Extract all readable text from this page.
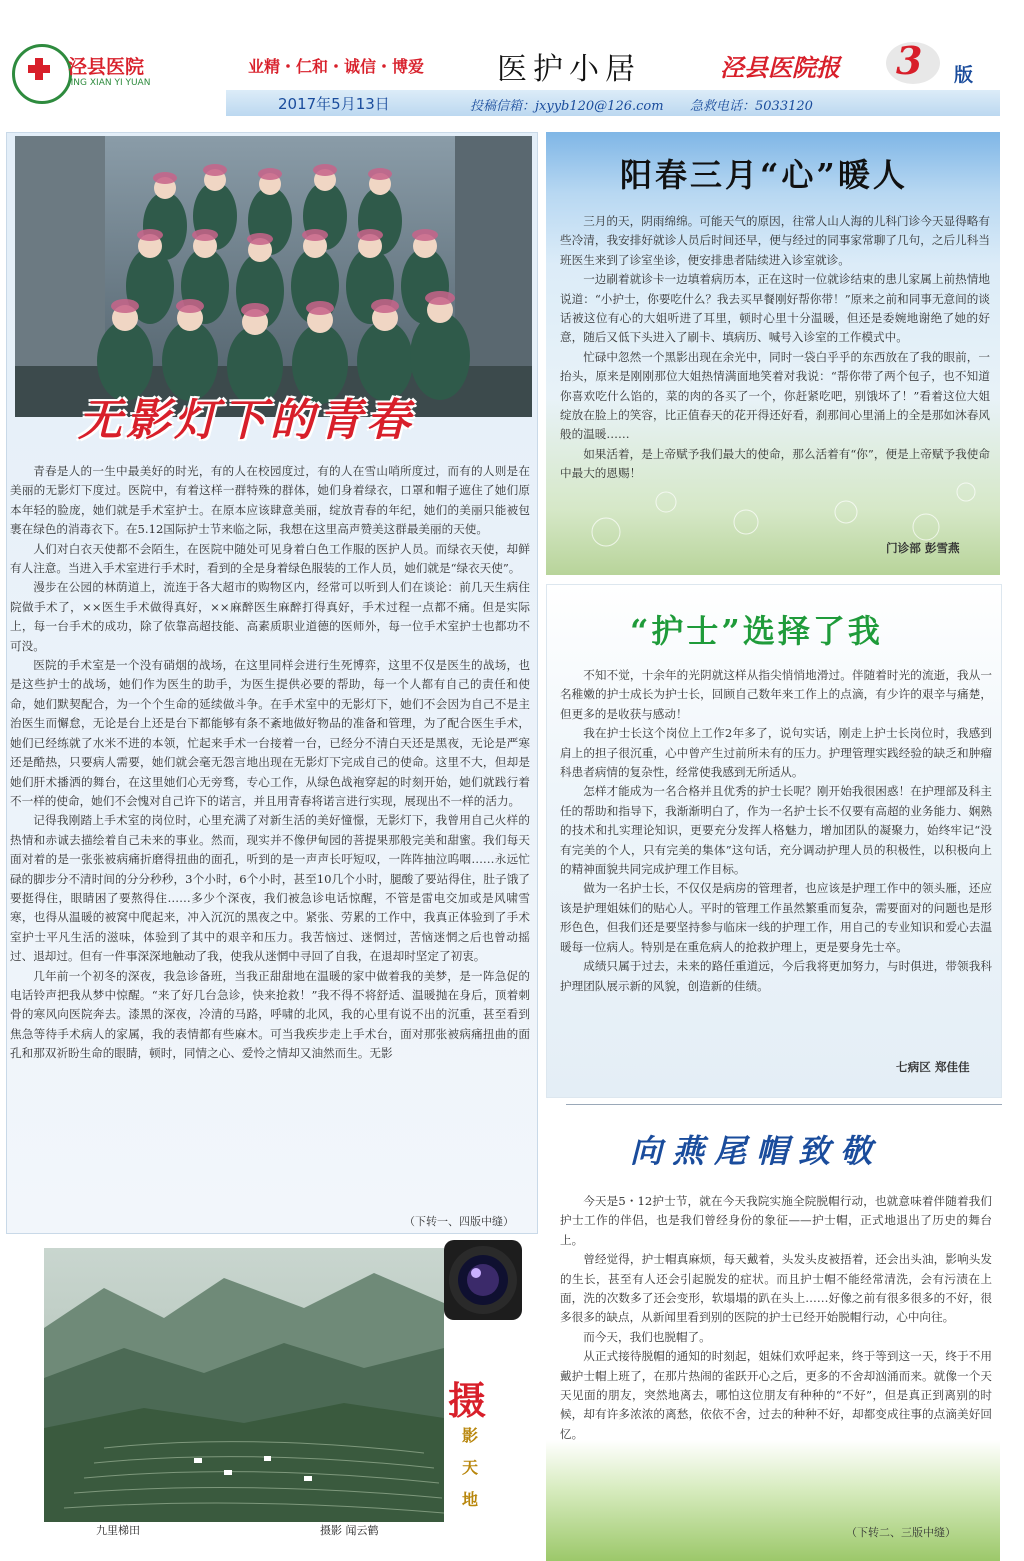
泾县医院
JING XIAN YI YUAN
业精・仁和・诚信・博爱 医护小居	泾县医院报 3 版
2017年5月13日	投稿信箱：jxyyb120@126.com 急救电话：5033120
无影灯下的青春

青春是人的一生中最美好的时光，有的人在校园度过，有的人在雪山哨所度过，而有的人则是在美丽的无影灯下度过。医院中，有着这样一群特殊的群体，她们身着绿衣，口罩和帽子遮住了她们原本年轻的脸庞，她们就是手术室护士。在原本应该肆意美丽，绽放青春的年纪，她们的美丽只能被包裹在绿色的消毒衣下。在5.12国际护士节来临之际，我想在这里高声赞美这群最美丽的天使。

人们对白衣天使都不会陌生，在医院中随处可见身着白色工作服的医护人员。而绿衣天使，却鲜有人注意。当进入手术室进行手术时，看到的全是身着绿色服装的工作人员，她们就是“绿衣天使”。

漫步在公园的林荫道上，流连于各大超市的购物区内，经常可以听到人们在谈论：前几天生病住院做手术了，××医生手术做得真好，××麻醉医生麻醉打得真好，手术过程一点都不痛。但是实际上，每一台手术的成功，除了依靠高超技能、高素质职业道德的医师外，每一位手术室护士也都功不可没。

医院的手术室是一个没有硝烟的战场，在这里同样会进行生死博弈，这里不仅是医生的战场，也是这些护士的战场，她们作为医生的助手，为医生提供必要的帮助，每一个人都有自己的责任和使命，她们默契配合，为一个个生命的延续做斗争。在手术室中的无影灯下，她们不会因为自己不是主治医生而懈怠，无论是台上还是台下都能够有条不紊地做好物品的准备和管理，为了配合医生手术，她们已经练就了水米不进的本领，忙起来手术一台接着一台，已经分不清白天还是黑夜，无论是严寒还是酷热，只要病人需要，她们就会毫无怨言地出现在无影灯下完成自己的使命。这里不大，但却是她们肝术播洒的舞台，在这里她们心无旁骛，专心工作，从绿色战袍穿起的时刻开始，她们就践行着不一样的使命，她们不会愧对自己许下的诺言，并且用青春将诺言进行实现，展现出不一样的活力。

记得我刚踏上手术室的岗位时，心里充满了对新生活的美好憧憬，无影灯下，我曾用自己火样的热情和赤诚去描绘着自己未来的事业。然而，现实并不像伊甸园的菩提果那般完美和甜蜜。我们每天面对着的是一张张被病痛折磨得扭曲的面孔，听到的是一声声长吁短叹，一阵阵抽泣呜咽……永远忙碌的脚步分不清时间的分分秒秒，3个小时，6个小时，甚至10几个小时，腿酸了要站得住，肚子饿了要挺得住，眼睛困了要熬得住……多少个深夜，我们被急诊电话惊醒，不管是雷电交加或是风啸雪寒，也得从温暖的被窝中爬起来，冲入沉沉的黑夜之中。紧张、劳累的工作中，我真正体验到了手术室护士平凡生活的滋味，体验到了其中的艰辛和压力。我苦恼过、迷惘过，苦恼迷惘之后也曾动摇过、退却过。但有一件事深深地触动了我，使我从迷惘中寻回了自我，在退却时坚定了初衷。

几年前一个初冬的深夜，我急诊备班，当我正甜甜地在温暖的家中做着我的美梦，是一阵急促的电话铃声把我从梦中惊醒。“来了好几台急诊，快来抢救！”我不得不将舒适、温暖抛在身后，顶着刺骨的寒风向医院奔去。漆黑的深夜，冷清的马路，呼啸的北风，我的心里有说不出的沉重，甚至看到焦急等待手术病人的家属，我的表情都有些麻木。可当我疾步走上手术台，面对那张被病痛扭曲的面孔和那双祈盼生命的眼睛，顿时，同情之心、爱怜之情却又油然而生。无影

（下转一、四版中缝）
阳春三月“心”暖人

三月的天，阴雨绵绵。可能天气的原因，往常人山人海的儿科门诊今天显得略有些冷清，我安排好就诊人员后时间还早，便与经过的同事家常聊了几句，之后儿科当班医生来到了诊室坐诊，便安排患者陆续进入诊室就诊。

一边刷着就诊卡一边填着病历本，正在这时一位就诊结束的患儿家属上前热情地说道：“小护士，你要吃什么？我去买早餐刚好帮你带！”原来之前和同事无意间的谈话被这位有心的大姐听进了耳里，顿时心里十分温暖，但还是委婉地谢绝了她的好意，随后又低下头进入了刷卡、填病历、喊号入诊室的工作模式中。

忙碌中忽然一个黑影出现在余光中，同时一袋白乎乎的东西放在了我的眼前，一抬头，原来是刚刚那位大姐热情满面地笑着对我说：“帮你带了两个包子，也不知道你喜欢吃什么馅的，菜的肉的各买了一个，你赶紧吃吧，别饿坏了！”看着这位大姐绽放在脸上的笑容，比正值春天的花开得还好看，刹那间心里涌上的全是那如沐春风般的温暖……

如果活着，是上帝赋予我们最大的使命，那么活着有“你”，便是上帝赋予我使命中最大的恩赐！

门诊部 彭雪燕
“护士”选择了我

不知不觉，十余年的光阴就这样从指尖悄悄地滑过。伴随着时光的流逝，我从一名稚嫩的护士成长为护士长，回顾自己数年来工作上的点滴，有少许的艰辛与痛楚，但更多的是收获与感动！

我在护士长这个岗位上工作2年多了，说句实话，刚走上护士长岗位时，我感到肩上的担子很沉重，心中曾产生过前所未有的压力。护理管理实践经验的缺乏和肿瘤科患者病情的复杂性，经常使我感到无所适从。

怎样才能成为一名合格并且优秀的护士长呢？刚开始我很困惑！在护理部及科主任的帮助和指导下，我渐渐明白了，作为一名护士长不仅要有高超的业务能力、娴熟的技术和扎实理论知识，更要充分发挥人格魅力，增加团队的凝聚力，始终牢记“没有完美的个人，只有完美的集体”这句话，充分调动护理人员的积极性，以积极向上的精神面貌共同完成护理工作目标。

做为一名护士长，不仅仅是病房的管理者，也应该是护理工作中的领头雁，还应该是护理姐妹们的贴心人。平时的管理工作虽然繁重而复杂，需要面对的问题也是形形色色，但我们还是要坚持参与临床一线的护理工作，用自己的专业知识和爱心去温暖每一位病人。特别是在重危病人的抢救护理上，更是要身先士卒。

成绩只属于过去，未来的路任重道远，今后我将更加努力，与时俱进，带领我科护理团队展示新的风貌，创造新的佳绩。

七病区 郑佳佳
向燕尾帽致敬

今天是5・12护士节，就在今天我院实施全院脱帽行动，也就意味着伴随着我们护士工作的伴侣，也是我们曾经身份的象征——护士帽，正式地退出了历史的舞台上。

曾经觉得，护士帽真麻烦，每天戴着，头发头皮被捂着，还会出头油，影响头发的生长，甚至有人还会引起脱发的症状。而且护士帽不能经常清洗，会有污渍在上面，洗的次数多了还会变形，软塌塌的趴在头上……好像之前有很多很多的不好，很多很多的缺点，从新闻里看到别的医院的护士已经开始脱帽行动，心中向往。

而今天，我们也脱帽了。

从正式接待脱帽的通知的时刻起，姐妹们欢呼起来，终于等到这一天，终于不用戴护士帽上班了，在那片热闹的雀跃开心之后，更多的不舍却汹涌而来。就像一个天天见面的朋友，突然地离去，哪怕这位朋友有种种的“不好”，但是真正到离别的时候，却有许多浓浓的离愁，依依不舍，过去的种种不好，却都变成往事的点滴美好回忆。

（下转二、三版中缝）
摄
影天地
九里梯田	摄影 闻云鹤
